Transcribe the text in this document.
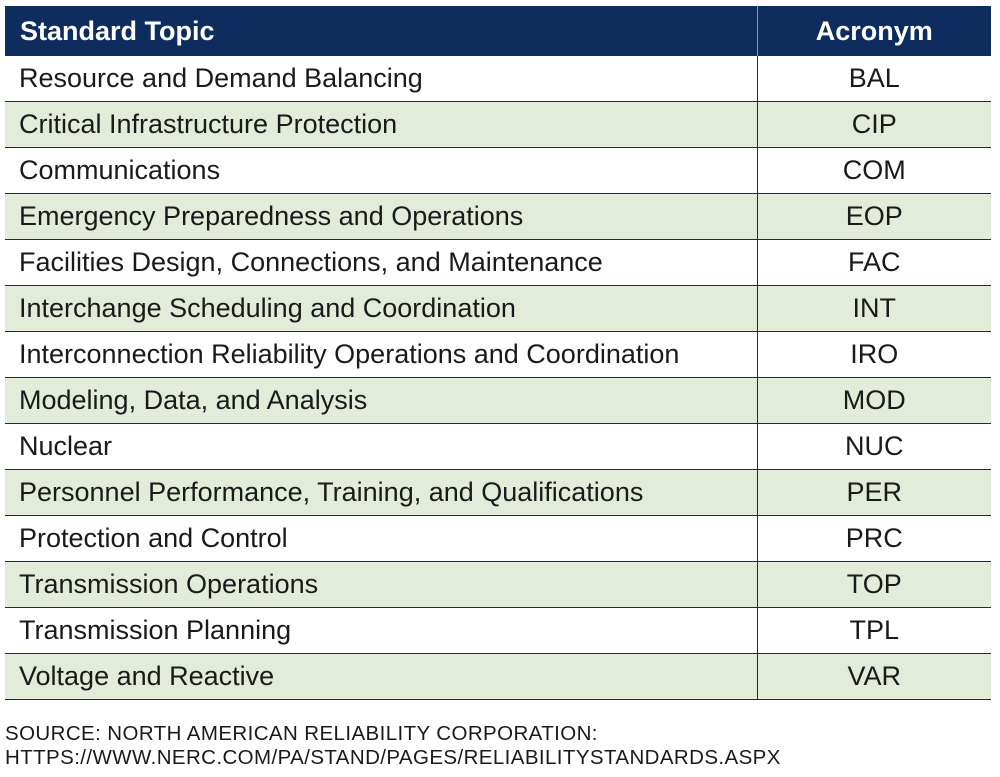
Standard Topic	Acronym
Resource and Demand Balancing	BAL
Critical Infrastructure Protection	CIP
Communications	COM
Emergency Preparedness and Operations	EOP
Facilities Design, Connections, and Maintenance	FAC
Interchange Scheduling and Coordination	INT
Interconnection Reliability Operations and Coordination	IRO
Modeling, Data, and Analysis	MOD
Nuclear	NUC
Personnel Performance, Training, and Qualifications	PER
Protection and Control	PRC
Transmission Operations	TOP
Transmission Planning	TPL
Voltage and Reactive	VAR
SOURCE: NORTH AMERICAN RELIABILITY CORPORATION:
HTTPS://WWW.NERC.COM/PA/STAND/PAGES/RELIABILITYSTANDARDS.ASPX
